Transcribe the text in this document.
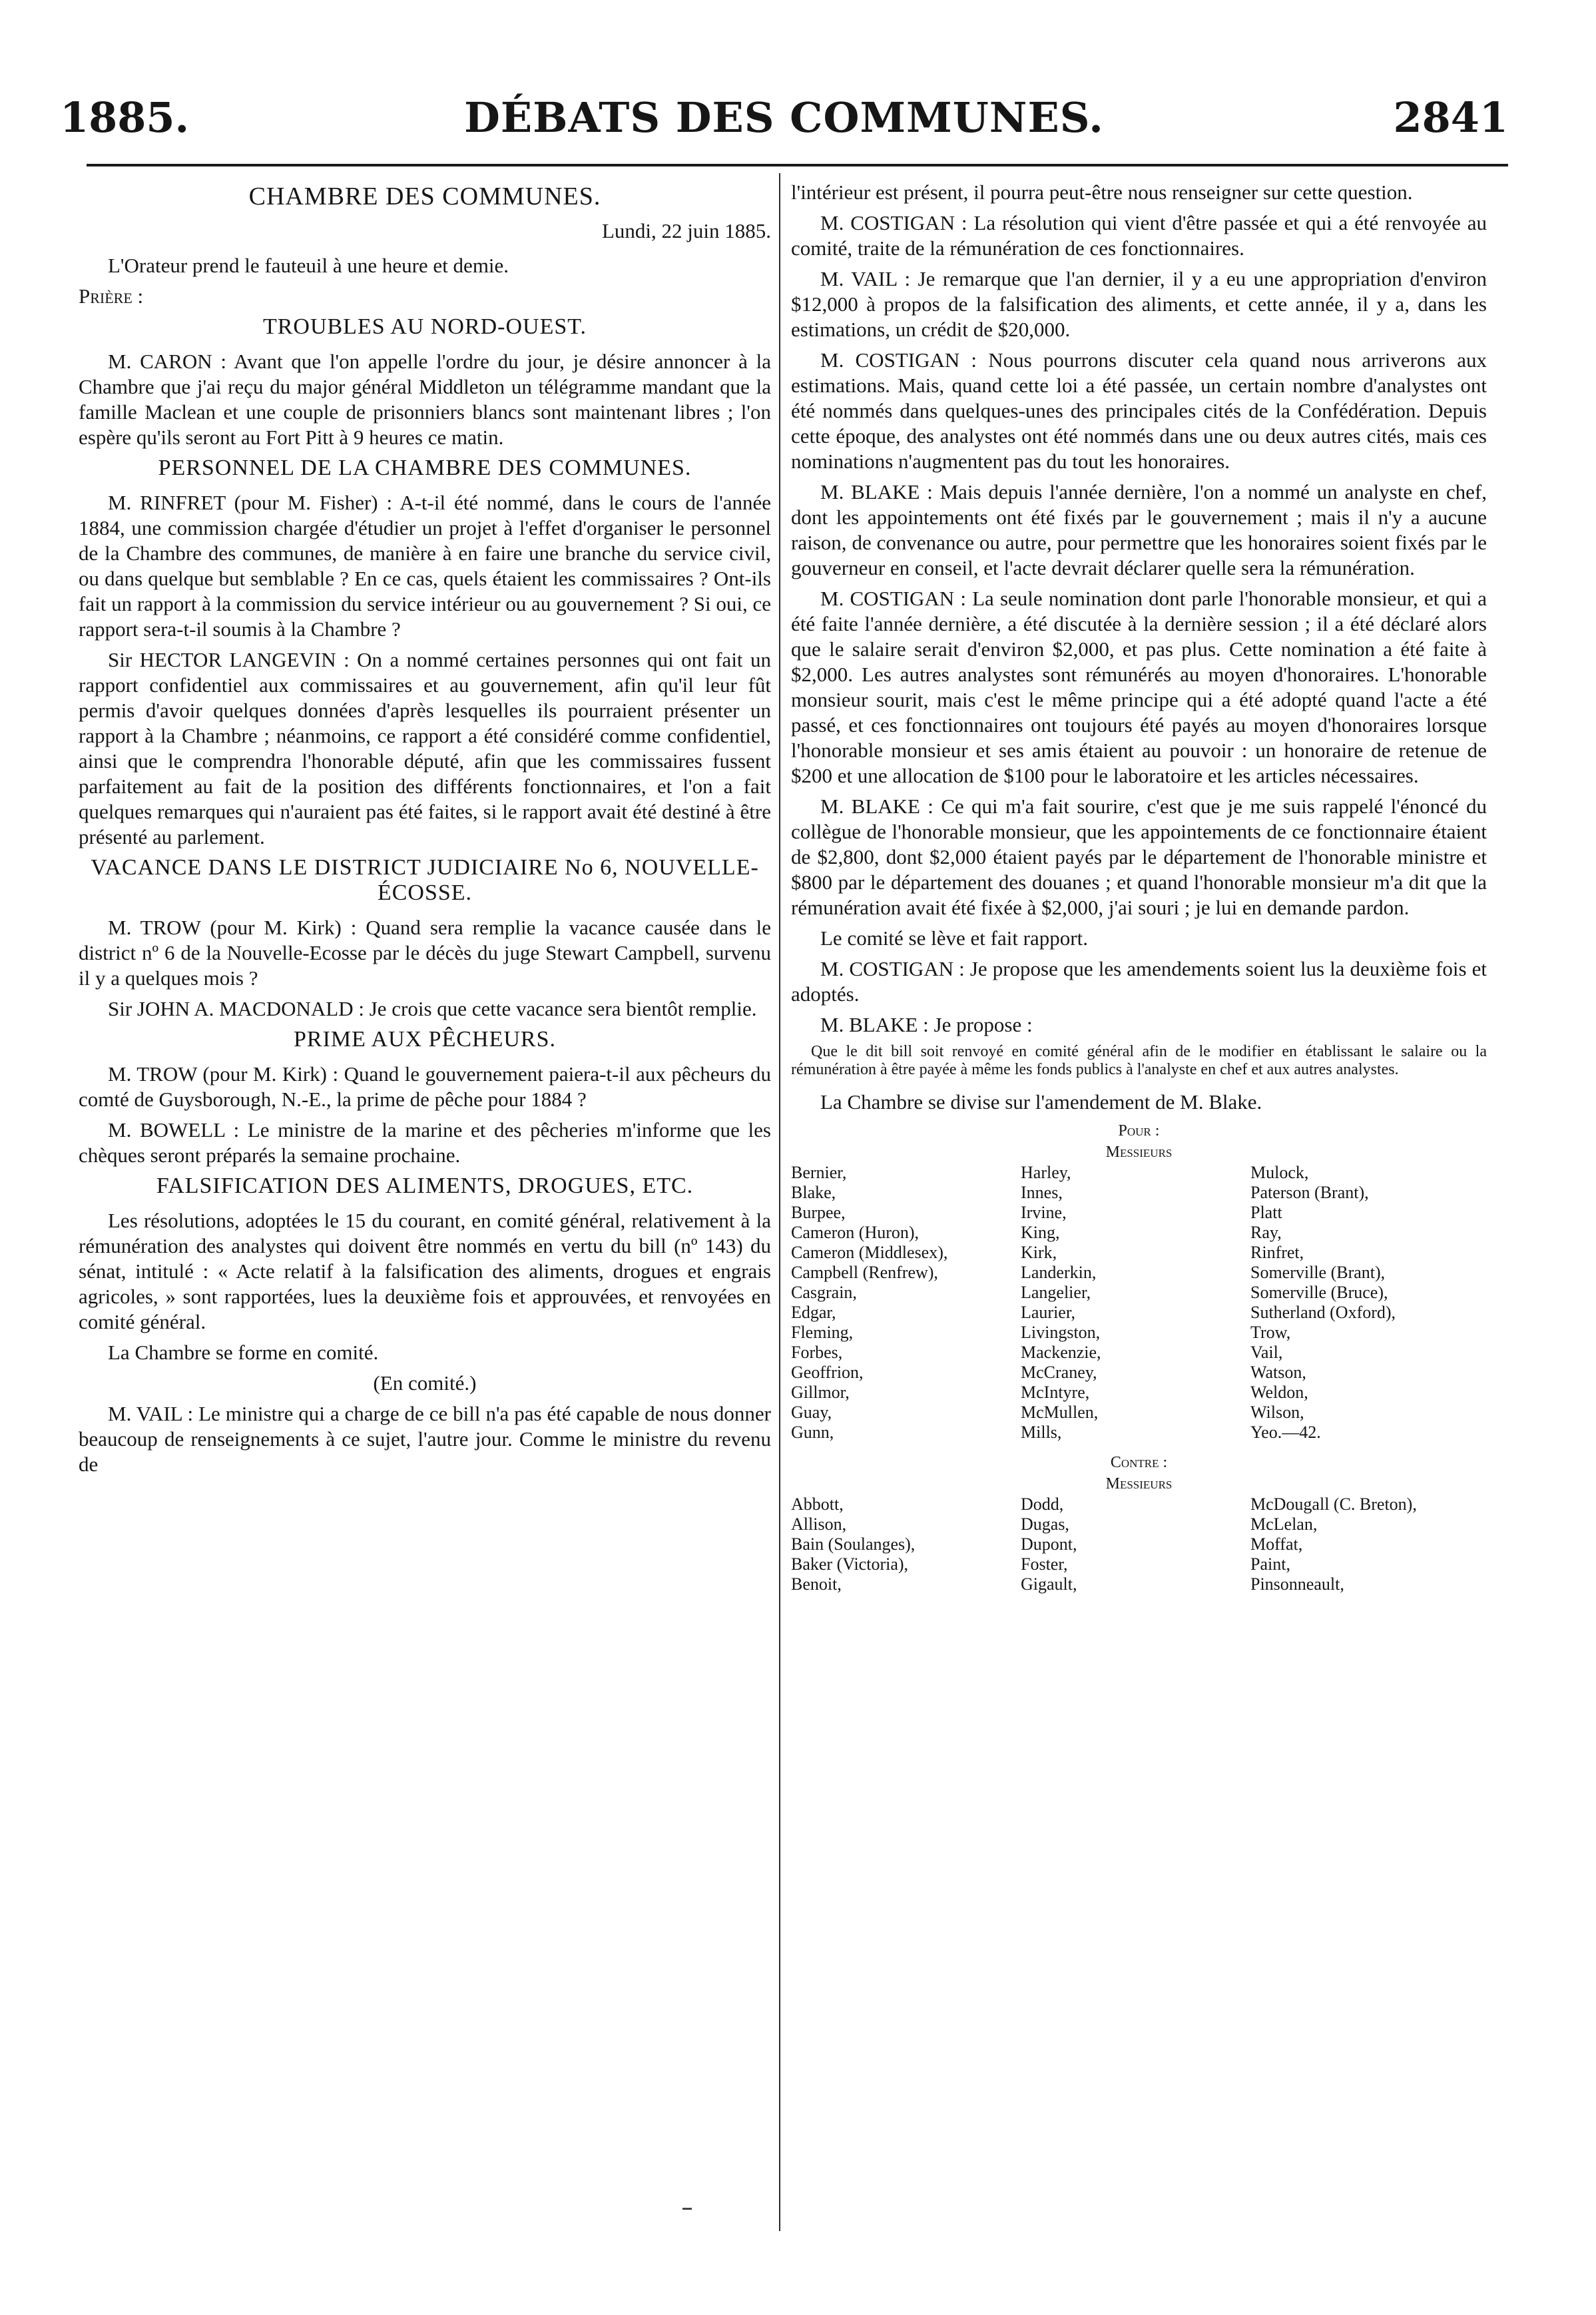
1885.	DÉBATS DES COMMUNES.	2841
CHAMBRE DES COMMUNES.
Lundi, 22 juin 1885.

L'Orateur prend le fauteuil à une heure et demie.

Prière :

TROUBLES AU NORD-OUEST.

M. CARON : Avant que l'on appelle l'ordre du jour, je désire annoncer à la Chambre que j'ai reçu du major général Middleton un télégramme mandant que la famille Maclean et une couple de prisonniers blancs sont maintenant libres ; l'on espère qu'ils seront au Fort Pitt à 9 heures ce matin.

PERSONNEL DE LA CHAMBRE DES COMMUNES.

M. RINFRET (pour M. Fisher) : A-t-il été nommé, dans le cours de l'année 1884, une commission chargée d'étudier un projet à l'effet d'organiser le personnel de la Chambre des communes, de manière à en faire une branche du service civil, ou dans quelque but semblable ? En ce cas, quels étaient les commissaires ? Ont-ils fait un rapport à la commission du service intérieur ou au gouvernement ? Si oui, ce rapport sera-t-il soumis à la Chambre ?

Sir HECTOR LANGEVIN : On a nommé certaines personnes qui ont fait un rapport confidentiel aux commissaires et au gouvernement, afin qu'il leur fût permis d'avoir quelques données d'après lesquelles ils pourraient présenter un rapport à la Chambre ; néanmoins, ce rapport a été considéré comme confidentiel, ainsi que le comprendra l'honorable député, afin que les commissaires fussent parfaitement au fait de la position des différents fonctionnaires, et l'on a fait quelques remarques qui n'auraient pas été faites, si le rapport avait été destiné à être présenté au parlement.

VACANCE DANS LE DISTRICT JUDICIAIRE No 6, NOUVELLE-ÉCOSSE.

M. TROW (pour M. Kirk) : Quand sera remplie la vacance causée dans le district nº 6 de la Nouvelle-Ecosse par le décès du juge Stewart Campbell, survenu il y a quelques mois ?

Sir JOHN A. MACDONALD : Je crois que cette vacance sera bientôt remplie.

PRIME AUX PÊCHEURS.

M. TROW (pour M. Kirk) : Quand le gouvernement paiera-t-il aux pêcheurs du comté de Guysborough, N.-E., la prime de pêche pour 1884 ?

M. BOWELL : Le ministre de la marine et des pêcheries m'informe que les chèques seront préparés la semaine prochaine.

FALSIFICATION DES ALIMENTS, DROGUES, ETC.

Les résolutions, adoptées le 15 du courant, en comité général, relativement à la rémunération des analystes qui doivent être nommés en vertu du bill (nº 143) du sénat, intitulé : « Acte relatif à la falsification des aliments, drogues et engrais agricoles, » sont rapportées, lues la deuxième fois et approuvées, et renvoyées en comité général.

La Chambre se forme en comité.

(En comité.)

M. VAIL : Le ministre qui a charge de ce bill n'a pas été capable de nous donner beaucoup de renseignements à ce sujet, l'autre jour. Comme le ministre du revenu de

l'intérieur est présent, il pourra peut-être nous renseigner sur cette question.

M. COSTIGAN : La résolution qui vient d'être passée et qui a été renvoyée au comité, traite de la rémunération de ces fonctionnaires.

M. VAIL : Je remarque que l'an dernier, il y a eu une appropriation d'environ $12,000 à propos de la falsification des aliments, et cette année, il y a, dans les estimations, un crédit de $20,000.

M. COSTIGAN : Nous pourrons discuter cela quand nous arriverons aux estimations. Mais, quand cette loi a été passée, un certain nombre d'analystes ont été nommés dans quelques-unes des principales cités de la Confédération. Depuis cette époque, des analystes ont été nommés dans une ou deux autres cités, mais ces nominations n'augmentent pas du tout les honoraires.

M. BLAKE : Mais depuis l'année dernière, l'on a nommé un analyste en chef, dont les appointements ont été fixés par le gouvernement ; mais il n'y a aucune raison, de convenance ou autre, pour permettre que les honoraires soient fixés par le gouverneur en conseil, et l'acte devrait déclarer quelle sera la rémunération.

M. COSTIGAN : La seule nomination dont parle l'honorable monsieur, et qui a été faite l'année dernière, a été discutée à la dernière session ; il a été déclaré alors que le salaire serait d'environ $2,000, et pas plus. Cette nomination a été faite à $2,000. Les autres analystes sont rémunérés au moyen d'honoraires. L'honorable monsieur sourit, mais c'est le même principe qui a été adopté quand l'acte a été passé, et ces fonctionnaires ont toujours été payés au moyen d'honoraires lorsque l'honorable monsieur et ses amis étaient au pouvoir : un honoraire de retenue de $200 et une allocation de $100 pour le laboratoire et les articles nécessaires.

M. BLAKE : Ce qui m'a fait sourire, c'est que je me suis rappelé l'énoncé du collègue de l'honorable monsieur, que les appointements de ce fonctionnaire étaient de $2,800, dont $2,000 étaient payés par le département de l'honorable ministre et $800 par le département des douanes ; et quand l'honorable monsieur m'a dit que la rémunération avait été fixée à $2,000, j'ai souri ; je lui en demande pardon.

Le comité se lève et fait rapport.

M. COSTIGAN : Je propose que les amendements soient lus la deuxième fois et adoptés.

M. BLAKE : Je propose :

Que le dit bill soit renvoyé en comité général afin de le modifier en établissant le salaire ou la rémunération à être payée à même les fonds publics à l'analyste en chef et aux autres analystes.

La Chambre se divise sur l'amendement de M. Blake.

Pour :
Messieurs
Bernier,	Harley,	Mulock,
Blake,	Innes,	Paterson (Brant),
Burpee,	Irvine,	Platt
Cameron (Huron),	King,	Ray,
Cameron (Middlesex),	Kirk,	Rinfret,
Campbell (Renfrew),	Landerkin,	Somerville (Brant),
Casgrain,	Langelier,	Somerville (Bruce),
Edgar,	Laurier,	Sutherland (Oxford),
Fleming,	Livingston,	Trow,
Forbes,	Mackenzie,	Vail,
Geoffrion,	McCraney,	Watson,
Gillmor,	McIntyre,	Weldon,
Guay,	McMullen,	Wilson,
Gunn,	Mills,	Yeo.—42.
Contre :
Messieurs
Abbott,	Dodd,	McDougall (C. Breton),
Allison,	Dugas,	McLelan,
Bain (Soulanges),	Dupont,	Moffat,
Baker (Victoria),	Foster,	Paint,
Benoit,	Gigault,	Pinsonneault,
